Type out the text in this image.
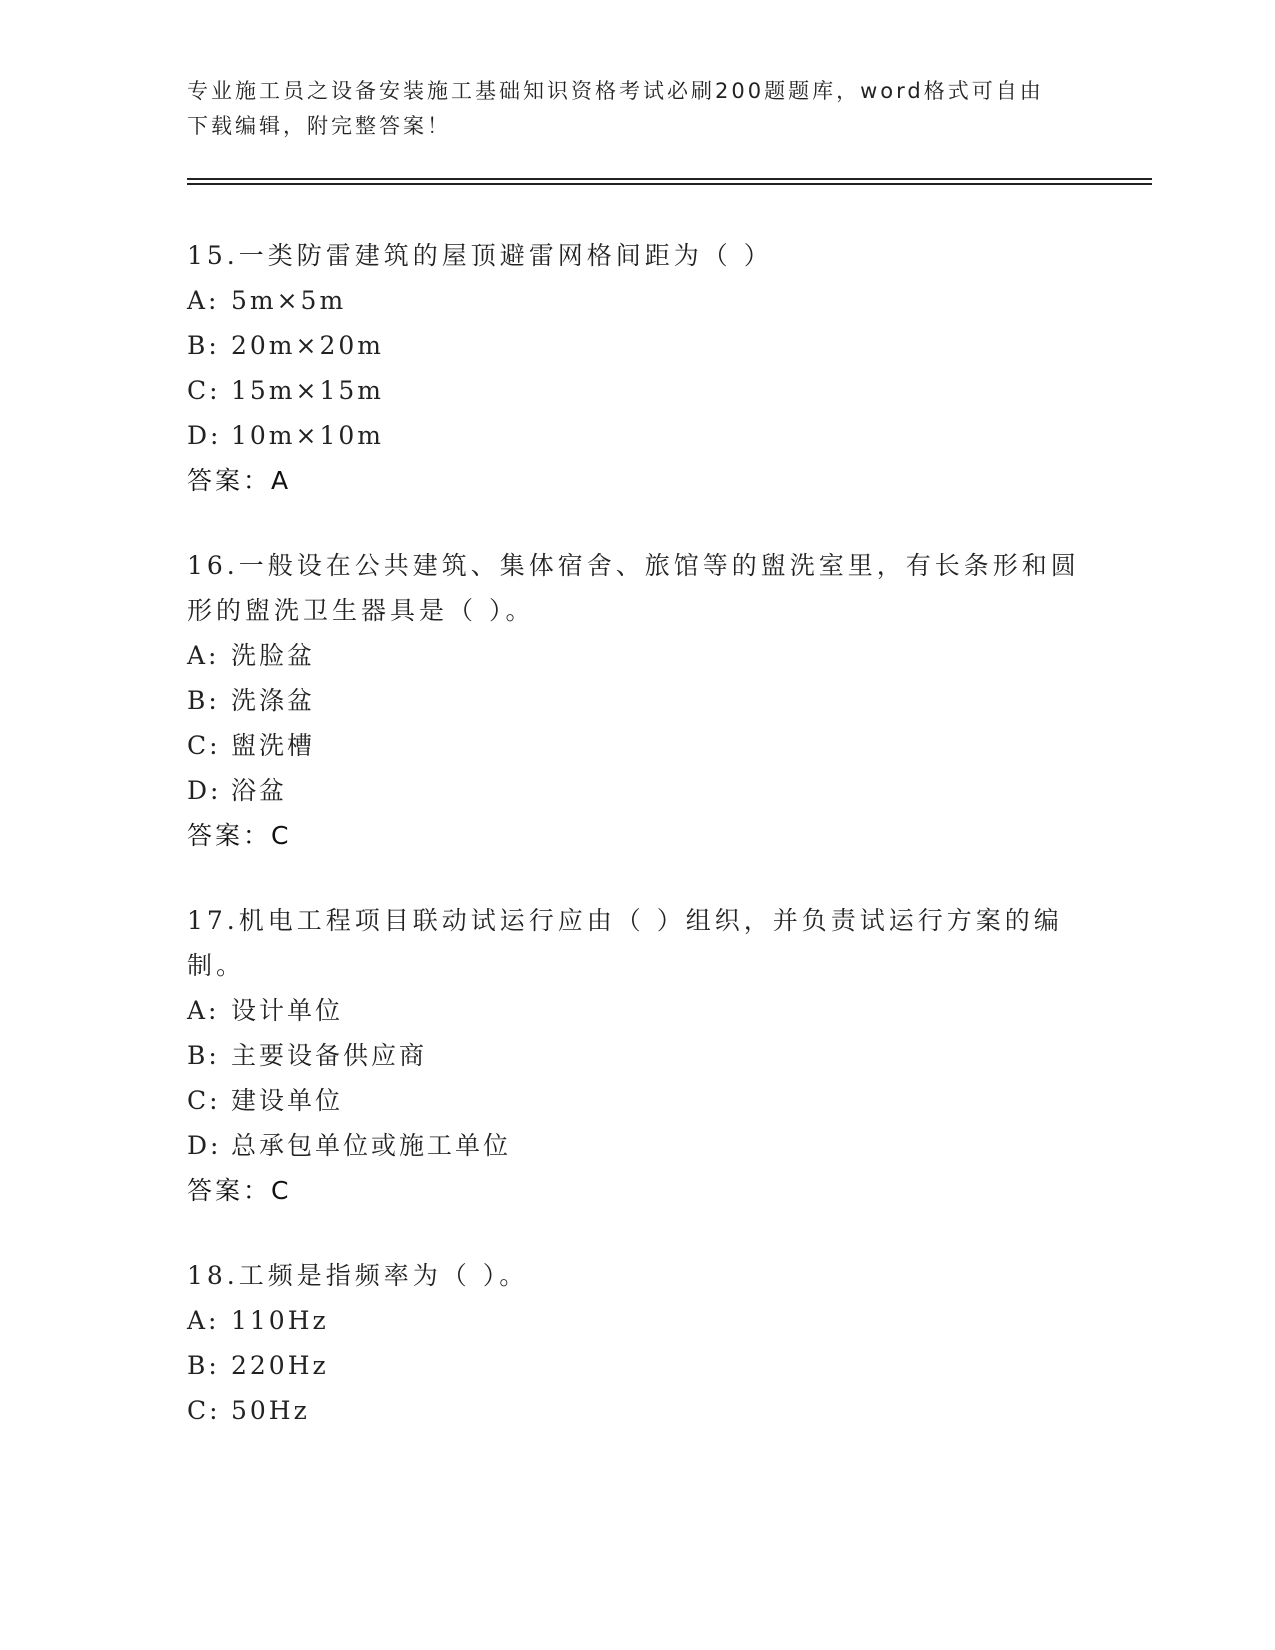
专业施工员之设备安装施工基础知识资格考试必刷200题题库，word格式可自由
下载编辑，附完整答案！
15.一类防雷建筑的屋顶避雷网格间距为（ ）
A: 5m×5m
B: 20m×20m
C: 15m×15m
D: 10m×10m
答案：A
16.一般设在公共建筑、集体宿舍、旅馆等的盥洗室里，有长条形和圆
形的盥洗卫生器具是（ ）。
A: 洗脸盆
B: 洗涤盆
C: 盥洗槽
D: 浴盆
答案：C
17.机电工程项目联动试运行应由（ ）组织，并负责试运行方案的编
制。
A: 设计单位
B: 主要设备供应商
C: 建设单位
D: 总承包单位或施工单位
答案：C
18.工频是指频率为（ ）。
A: 110Hz
B: 220Hz
C: 50Hz
